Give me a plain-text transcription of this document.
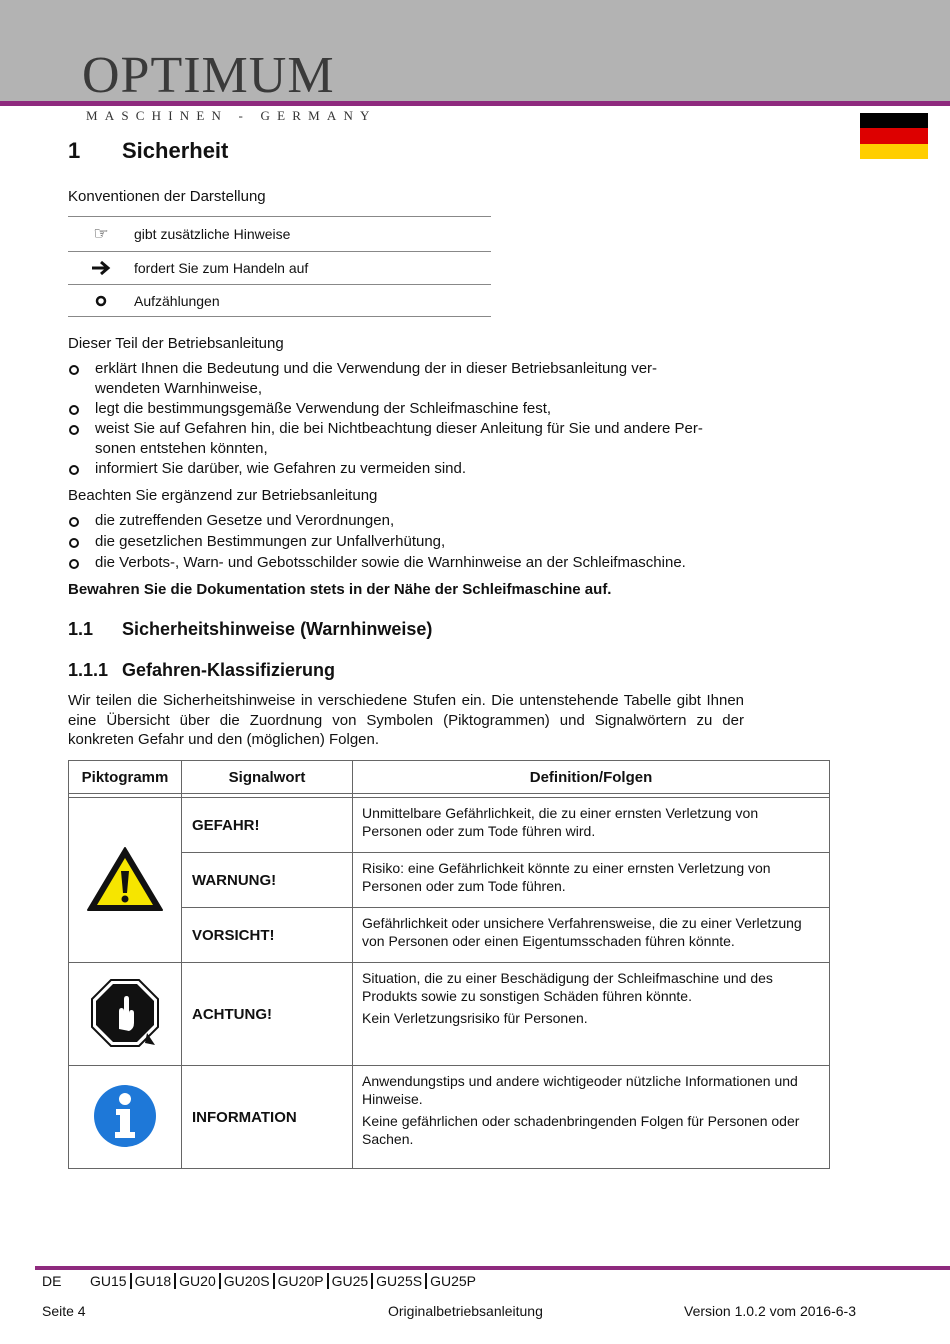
OPTIMUM
MASCHINEN - GERMANY
1 Sicherheit
Konventionen der Darstellung
☞	gibt zusätzliche Hinweise
fordert Sie zum Handeln auf
Aufzählungen
Dieser Teil der Betriebsanleitung
erklärt Ihnen die Bedeutung und die Verwendung der in dieser Betriebsanleitung ver-
wendeten Warnhinweise,
legt die bestimmungsgemäße Verwendung der Schleifmaschine fest,
weist Sie auf Gefahren hin, die bei Nichtbeachtung dieser Anleitung für Sie und andere Per-
sonen entstehen könnten,
informiert Sie darüber, wie Gefahren zu vermeiden sind.
Beachten Sie ergänzend zur Betriebsanleitung
die zutreffenden Gesetze und Verordnungen,
die gesetzlichen Bestimmungen zur Unfallverhütung,
die Verbots-, Warn- und Gebotsschilder sowie die Warnhinweise an der Schleifmaschine.
Bewahren Sie die Dokumentation stets in der Nähe der Schleifmaschine auf.
1.1 Sicherheitshinweise (Warnhinweise)
1.1.1 Gefahren-Klassifizierung
Wir teilen die Sicherheitshinweise in verschiedene Stufen ein. Die untenstehende Tabelle gibt Ihnen eine Übersicht über die Zuordnung von Symbolen (Piktogrammen) und Signalwörtern zu der konkreten Gefahr und den (möglichen) Folgen.
Piktogramm	Signalwort	Definition/Folgen

	GEFAHR!	Unmittelbare Gefährlichkeit, die zu einer ernsten Verletzung von Personen oder zum Tode führen wird.

	WARNUNG!	Risiko: eine Gefährlichkeit könnte zu einer ernsten Verletzung von Personen oder zum Tode führen.

	VORSICHT!	Gefährlichkeit oder unsichere Verfahrensweise, die zu einer Verletzung von Personen oder einen Eigentumsschaden führen könnte.

	ACHTUNG!	Situation, die zu einer Beschädigung der Schleifmaschine und des Produkts sowie zu sonstigen Schäden führen könnte.

Kein Verletzungsrisiko für Personen.

	INFORMATION	Anwendungstips und andere wichtigeoder nützliche Informationen und Hinweise.

Keine gefährlichen oder schadenbringenden Folgen für Personen oder Sachen.

DE GU15 GU18 GU20 GU20S GU20P GU25 GU25S GU25P
Seite 4	Originalbetriebsanleitung	Version 1.0.2 vom 2016-6-3
